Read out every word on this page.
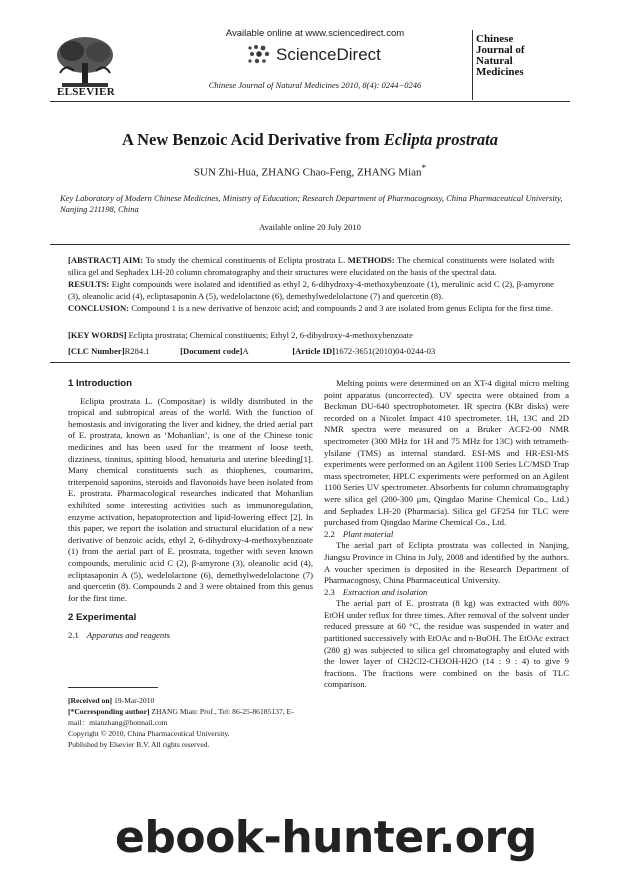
ELSEVIER
Available online at www.sciencedirect.com
ScienceDirect
Chinese Journal of Natural Medicines 2010, 8(4): 0244−0246
Chinese
Journal of
Natural
Medicines
A New Benzoic Acid Derivative from Eclipta prostrata
SUN Zhi-Hua, ZHANG Chao-Feng, ZHANG Mian*
Key Laboratory of Modern Chinese Medicines, Ministry of Education; Research Department of Pharmacognosy, China Pharmaceutical University, Nanjing 211198, China
Available online 20 July 2010

[ABSTRACT] AIM: To study the chemical constituents of Eclipta prostrata L. METHODS: The chemical constituents were isolated with silica gel and Sephadex LH-20 column chromatography and their structures were elucidated on the basis of the spectral data.

RESULTS: Eight compounds were isolated and identified as ethyl 2, 6-dihydroxy-4-methoxybenzoate (1), merulinic acid C (2), β-amyrone (3), oleanolic acid (4), ecliptasaponin A (5), wedelolactone (6), demethylwedelolactone (7) and quercetin (8).

CONCLUSION: Compound 1 is a new derivative of benzoic acid; and compounds 2 and 3 are isolated from genus Eclipta for the first time.

[KEY WORDS] Eclipta prostrata; Chemical constituents; Ethyl 2, 6-dihydroxy-4-methoxybenzoate
[CLC Number]R284.1	[Document code]A	[Article ID]1672-3651(2010)04-0244-03
1 Introduction

Eclipta prostrata L. (Compositae) is wildly distributed in the tropical and subtropical areas of the world. With the function of hemostasis and invigorating the liver and kidney, the dried aerial part of E. prostrata, known as ‘Mohanlian’, is one of the Chinese tonic medicines and has been used for the treatment of loose teeth, dizziness, tinnitus, spitting blood, hematuria and uterine bleeding[1]. Many chemical constituents such as thiophenes, coumarins, triterpenoid saponins, steroids and flavonoids have been isolated from E. prostrata. Pharmacological researches indicated that Mohanlian exhibited some interesting activities such as immunoregulation, enzyme activation, hepatoprotection and lipid-lowering effect [2]. In this paper, we report the isolation and structural elucidation of a new derivative of benzoic acids, ethyl 2, 6-dihydroxy-4-methoxybenzoate (1) from the aerial part of E. prostrata, together with seven known compounds, merulinic acid C (2), β-amyrone (3), oleanolic acid (4), ecliptasaponin A (5), wedelolactone (6), demethylwedelolactone (7) and quercetin (8). Compounds 2 and 3 were obtained from this genus for the first time.

2 Experimental
2.1 Apparatus and reagents
[Received on] 19-Mar-2010
[*Corresponding author] ZHANG Mian: Prof., Tel: 86-25-86185137, E-mail：mianzhang@hotmail.com
Copyright © 2010, China Pharmaceutical University.
Published by Elsevier B.V. All rights reserved.

Melting points were determined on an XT-4 digital micro melting point apparatus (uncorrected). UV spectra were obtained from a Beckman DU-640 spectrophotometer. IR spectra (KBr disks) were recorded on a Nicolet Impact 410 spectrometer. 1H, 13C and 2D NMR spectra were measured on a Bruker ACF2-00 NMR spectrometer (300 MHz for 1H and 75 MHz for 13C) with tetrameth-ylsilane (TMS) as internal standard. ESI-MS and HR-ESI-MS experiments were performed on an Agilent 1100 Series LC/MSD Trap mass spectrometer. HPLC experiments were performed on an Agilent 1100 Series UV spectrometer. Absorbents for column chromatography were silica gel (200-300 μm, Qingdao Marine Chemical Co., Ltd.) and Sephadex LH-20 (Pharmacia). Silica gel GF254 for TLC were purchased from Qingdao Marine Chemical Co., Ltd.

2.2 Plant material

The aerial part of Eclipta prostrata was collected in Nanjing, Jiangsu Province in China in July, 2008 and identified by the authors. A voucher specimen is deposited in the Research Department of Pharmacognosy, China Pharmaceutical University.

2.3 Extraction and isolation

The aerial part of E. prostrata (8 kg) was extracted with 80% EtOH under reflux for three times. After removal of the solvent under reduced pressure at 60 °C, the residue was suspended in water and partitioned successively with EtOAc and n-BuOH. The EtOAc extract (280 g) was subjected to silica gel chromatography and eluted with the lower layer of CH2Cl2-CH3OH-H2O (14 : 9 : 4) to give 9 fractions. The fractions were combined on the basis of TLC comparison.

ebook-hunter.org
